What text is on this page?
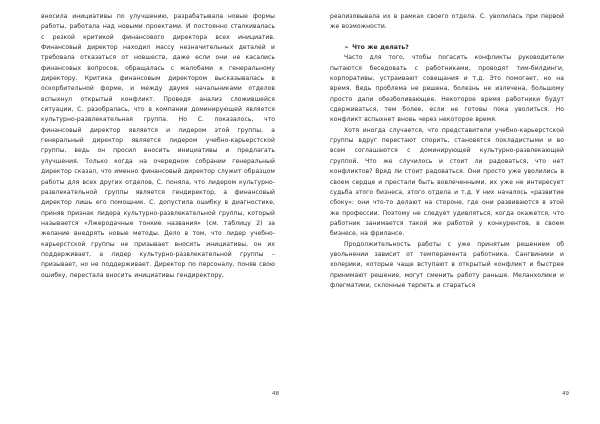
вносила инициативы по улучшению, разрабатывала новые формы работы, работала над новыми проектами. И постоянно сталкивалась с резкой критикой финансового директора всех инициатив. Финансовый директор находил массу незначительных деталей и требовала отказаться от новшеств, даже если они не касались финансовых вопросов, обращалась с жалобами к генеральному директору. Критика финансовым директором высказывалась в оскорбительной форме, и между двумя начальниками отделов вспыхнул открытый конфликт. Проведя анализ сложившейся ситуации, С. разобралась, что в компании доминирующей является культурно-развлекательная группа. Но С. показалось, что финансовый директор является и лидером этой группы, а генеральный директор является лидером учебно-карьерстской группы, ведь он просил вносить инициативы и предлагать улучшения. Только когда на очередном собрании генеральный директор сказал, что именно финансовый директор служит образцом работы для всех других отделов, С. поняла, что лидером культурно-развлекательной группы является гендиректор, а финансовый директор лишь его помощник. С. допустила ошибку в диагностике, приняв признак лидера культурно-развлекательной группы, который называется «Лжеродачные тонкие названия» (см. таблицу 2) за желание внедрять новые методы. Дело в том, что лидер учебно-карьерстской группы не призывает вносить инициативы, он их поддерживает, а лидер культурно-развлекательной группы – призывает, но не поддерживает. Директор по персоналу, поняв свою ошибку, перестала вносить инициативы гендиректору,

48

реализовывала их в рамках своего отдела. С. уволилась при первой же возможности.

➢ Что же делать?

Часто для того, чтобы погасить конфликты руководители пытаются беседовать с работниками, проводят тим-билдинги, корпоративы, устраивают совещания и т.д. Это помогает, но на время. Ведь проблема не решена, болезнь не излечена, большому просто дали обезболивающее. Некоторое время работники будут сдерживаться, тем более, если не готовы пока уволиться. Но конфликт вспыхнет вновь через некоторое время.

Хотя иногда случается, что представители учебно-карьерстской группы вдруг перестают спорить, становятся покладистыми и во всем соглашаются с доминирующей культурно-развлекающей группой. Что же случилось и стоит ли радоваться, что нет конфликтов? Вряд ли стоит радоваться. Они просто уже уволились в своем сердце и престали быть вовлеченными, их уже не интересует судьба этого бизнеса, этого отдела и т.д. У них началось «развитие сбоку»: они что-то делают на стороне, где они развиваются в этой же профессии. Поэтому не следует удивляться, когда окажется, что работник занимается такой же работой у конкурентов, в своем бизнесе, на фрилансе.

Продолжительность работы с уже принятым решением об увольнении зависит от темперамента работника. Сангвиники и холерики, которые чаще вступают в открытый конфликт и быстрее принимают решение, могут сменить работу раньше. Меланхолики и флегматики, склонные терпеть и стараться

49
